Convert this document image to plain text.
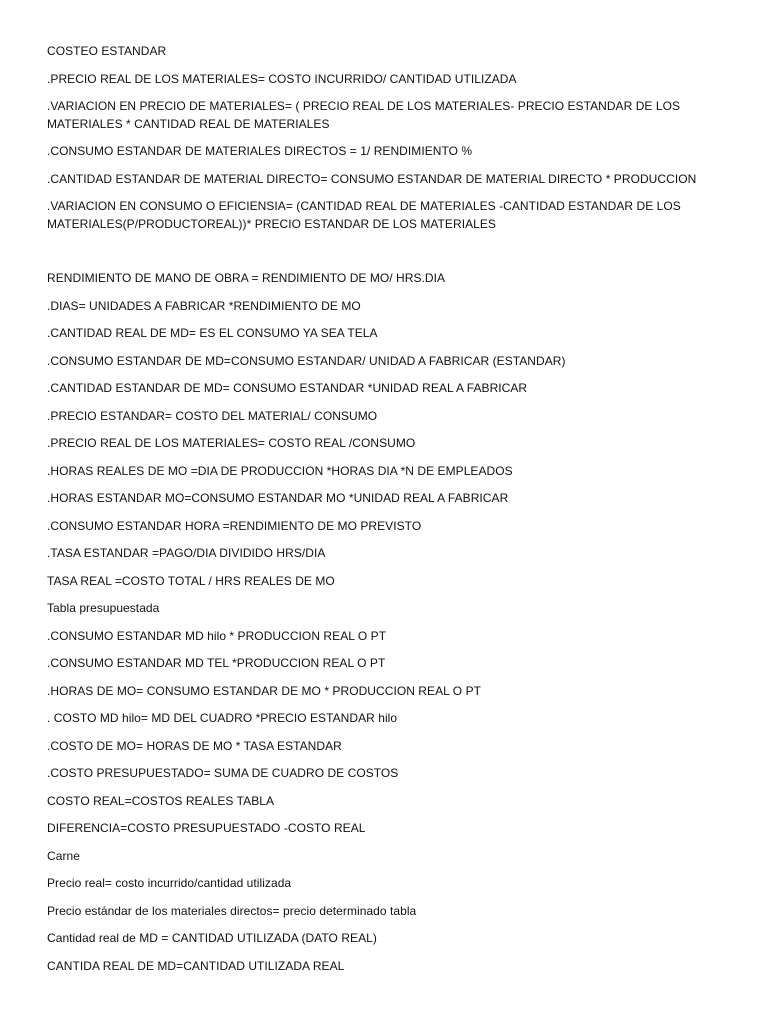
COSTEO ESTANDAR
.PRECIO REAL DE LOS MATERIALES= COSTO INCURRIDO/ CANTIDAD UTILIZADA
.VARIACION EN PRECIO DE MATERIALES= ( PRECIO REAL DE LOS MATERIALES- PRECIO ESTANDAR DE LOS MATERIALES * CANTIDAD REAL DE MATERIALES
.CONSUMO ESTANDAR DE MATERIALES DIRECTOS = 1/ RENDIMIENTO %
.CANTIDAD ESTANDAR DE MATERIAL DIRECTO= CONSUMO ESTANDAR DE MATERIAL DIRECTO * PRODUCCION
.VARIACION EN CONSUMO O EFICIENSIA= (CANTIDAD REAL DE MATERIALES -CANTIDAD ESTANDAR DE LOS MATERIALES(P/PRODUCTOREAL))* PRECIO ESTANDAR DE LOS MATERIALES
RENDIMIENTO DE MANO DE OBRA = RENDIMIENTO DE MO/ HRS.DIA
.DIAS= UNIDADES A FABRICAR *RENDIMIENTO DE MO
.CANTIDAD REAL DE MD= ES EL CONSUMO YA SEA TELA
.CONSUMO ESTANDAR DE MD=CONSUMO ESTANDAR/ UNIDAD A FABRICAR (ESTANDAR)
.CANTIDAD ESTANDAR DE MD= CONSUMO ESTANDAR *UNIDAD REAL A FABRICAR
.PRECIO ESTANDAR= COSTO DEL MATERIAL/ CONSUMO
.PRECIO REAL DE LOS MATERIALES= COSTO REAL /CONSUMO
.HORAS REALES DE MO =DIA DE PRODUCCION *HORAS DIA *N DE EMPLEADOS
.HORAS ESTANDAR MO=CONSUMO ESTANDAR MO *UNIDAD REAL A FABRICAR
.CONSUMO ESTANDAR HORA =RENDIMIENTO DE MO PREVISTO
.TASA ESTANDAR =PAGO/DIA DIVIDIDO HRS/DIA
TASA REAL =COSTO TOTAL / HRS REALES DE MO
Tabla presupuestada
.CONSUMO ESTANDAR MD hilo * PRODUCCION REAL O PT
.CONSUMO ESTANDAR MD TEL *PRODUCCION REAL O PT
.HORAS DE MO= CONSUMO ESTANDAR DE MO * PRODUCCION REAL O PT
. COSTO MD hilo= MD DEL CUADRO *PRECIO ESTANDAR hilo
.COSTO DE MO= HORAS DE MO * TASA ESTANDAR
.COSTO PRESUPUESTADO= SUMA DE CUADRO DE COSTOS
COSTO REAL=COSTOS REALES TABLA
DIFERENCIA=COSTO PRESUPUESTADO -COSTO REAL
Carne
Precio real= costo incurrido/cantidad utilizada
Precio estándar de los materiales directos= precio determinado tabla
Cantidad real de MD = CANTIDAD UTILIZADA (DATO REAL)
CANTIDA REAL DE MD=CANTIDAD UTILIZADA REAL
